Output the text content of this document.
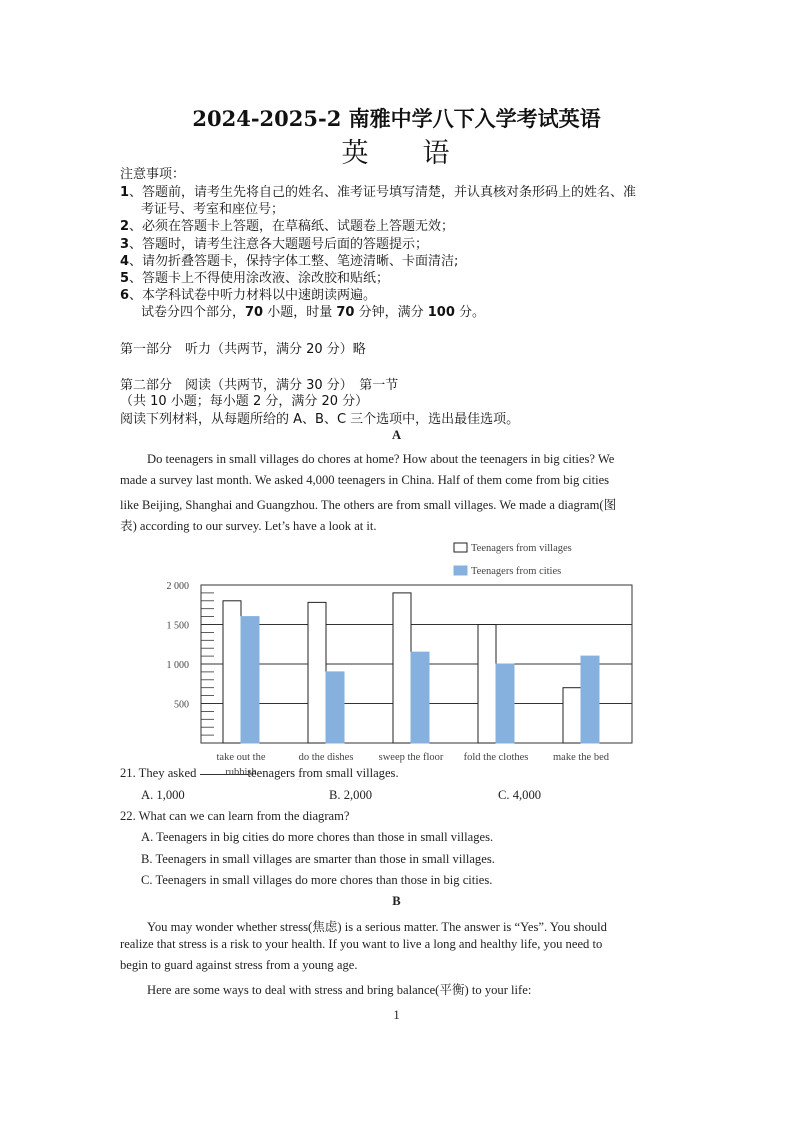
2024-2025-2 南雅中学八下入学考试英语
英 语
注意事项：
1、答题前，请考生先将自己的姓名、准考证号填写清楚，并认真核对条形码上的姓名、准
考证号、考室和座位号；
2、必须在答题卡上答题，在草稿纸、试题卷上答题无效；
3、答题时，请考生注意各大题题号后面的答题提示；
4、请勿折叠答题卡，保持字体工整、笔迹清晰、卡面清洁;
5、答题卡上不得使用涂改液、涂改胶和贴纸；
6、本学科试卷中听力材料以中速朗读两遍。
试卷分四个部分，70 小题，时量 70 分钟，满分 100 分。
第一部分　听力（共两节，满分 20 分）略
第二部分　阅读（共两节，满分 30 分）　第一节
（共 10 小题；每小题 2 分，满分 20 分）
阅读下列材料，从每题所给的 A、B、C 三个选项中，选出最佳选项。
A
Do teenagers in small villages do chores at home? How about the teenagers in big cities? We
made a survey last month. We asked 4,000 teenagers in China. Half of them come from big cities
like Beijing, Shanghai and Guangzhou. The others are from small villages. We made a diagram(图
表) according to our survey. Let’s have a look at it.
Teenagers from villages
Teenagers from cities
2 000
1 500
1 000
500
take out the
rubbish
do the dishes sweep the floor fold the clothes make the bed
21. They asked	teenagers from small villages.
A. 1,000	B. 2,000	C. 4,000
22. What can we can learn from the diagram?
A. Teenagers in big cities do more chores than those in small villages.
B. Teenagers in small villages are smarter than those in small villages.
C. Teenagers in small villages do more chores than those in big cities.
B
You may wonder whether stress(焦虑) is a serious matter. The answer is “Yes”. You should
realize that stress is a risk to your health. If you want to live a long and healthy life, you need to
begin to guard against stress from a young age.
Here are some ways to deal with stress and bring balance(平衡) to your life:
1
